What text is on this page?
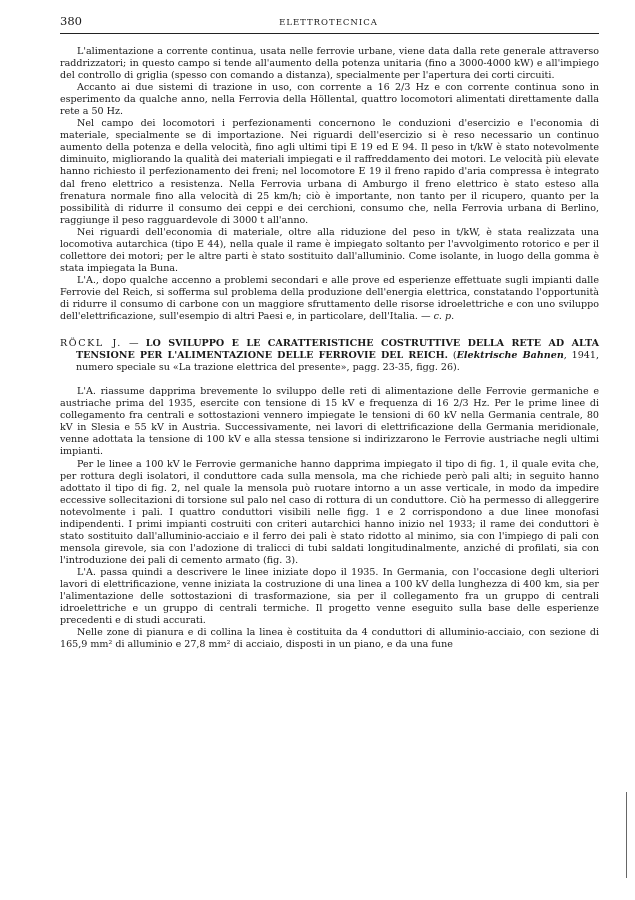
380	ELETTROTECNICA

L'alimentazione a corrente continua, usata nelle ferrovie urbane, viene data dalla rete generale attraverso raddrizzatori; in questo campo si tende all'aumento della potenza unitaria (fino a 3000-4000 kW) e all'impiego del controllo di griglia (spesso con comando a distanza), specialmente per l'apertura dei corti circuiti.

Accanto ai due sistemi di trazione in uso, con corrente a 16 2/3 Hz e con corrente continua sono in esperimento da qualche anno, nella Ferrovia della Höllental, quattro locomotori alimentati direttamente dalla rete a 50 Hz.

Nel campo dei locomotori i perfezionamenti concernono le conduzioni d'esercizio e l'economia di materiale, specialmente se di importazione. Nei riguardi dell'esercizio si è reso necessario un continuo aumento della potenza e della velocità, fino agli ultimi tipi E 19 ed E 94. Il peso in t/kW è stato notevolmente diminuito, migliorando la qualità dei materiali impiegati e il raffreddamento dei motori. Le velocità più elevate hanno richiesto il perfezionamento dei freni; nel locomotore E 19 il freno rapido d'aria compressa è integrato dal freno elettrico a resistenza. Nella Ferrovia urbana di Amburgo il freno elettrico è stato esteso alla frenatura normale fino alla velocità di 25 km/h; ciò è importante, non tanto per il ricupero, quanto per la possibilità di ridurre il consumo dei ceppi e dei cerchioni, consumo che, nella Ferrovia urbana di Berlino, raggiunge il peso ragguardevole di 3000 t all'anno.

Nei riguardi dell'economia di materiale, oltre alla riduzione del peso in t/kW, è stata realizzata una locomotiva autarchica (tipo E 44), nella quale il rame è impiegato soltanto per l'avvolgimento rotorico e per il collettore dei motori; per le altre parti è stato sostituito dall'alluminio. Come isolante, in luogo della gomma è stata impiegata la Buna.

L'A., dopo qualche accenno a problemi secondari e alle prove ed esperienze effettuate sugli impianti dalle Ferrovie del Reich, si sofferma sul problema della produzione dell'energia elettrica, constatando l'opportunità di ridurre il consumo di carbone con un maggiore sfruttamento delle risorse idroelettriche e con uno sviluppo dell'elettrificazione, sull'esempio di altri Paesi e, in particolare, dell'Italia. — c. p.

RÖCKL J. — LO SVILUPPO E LE CARATTERISTICHE COSTRUTTIVE DELLA RETE AD ALTA TENSIONE PER L'ALIMENTAZIONE DELLE FERROVIE DEL REICH. (Elektrische Bahnen, 1941, numero speciale su «La trazione elettrica del presente», pagg. 23-35, figg. 26).

L'A. riassume dapprima brevemente lo sviluppo delle reti di alimentazione delle Ferrovie germaniche e austriache prima del 1935, esercite con tensione di 15 kV e frequenza di 16 2/3 Hz. Per le prime linee di collegamento fra centrali e sottostazioni vennero impiegate le tensioni di 60 kV nella Germania centrale, 80 kV in Slesia e 55 kV in Austria. Successivamente, nei lavori di elettrificazione della Germania meridionale, venne adottata la tensione di 100 kV e alla stessa tensione si indirizzarono le Ferrovie austriache negli ultimi impianti.

Per le linee a 100 kV le Ferrovie germaniche hanno dapprima impiegato il tipo di fig. 1, il quale evita che, per rottura degli isolatori, il conduttore cada sulla mensola, ma che richiede però pali alti; in seguito hanno adottato il tipo di fig. 2, nel quale la mensola può ruotare intorno a un asse verticale, in modo da impedire eccessive sollecitazioni di torsione sul palo nel caso di rottura di un conduttore. Ciò ha permesso di alleggerire notevolmente i pali. I quattro conduttori visibili nelle figg. 1 e 2 corrispondono a due linee monofasi indipendenti. I primi impianti costruiti con criteri autarchici hanno inizio nel 1933; il rame dei conduttori è stato sostituito dall'alluminio-acciaio e il ferro dei pali è stato ridotto al minimo, sia con l'impiego di pali con mensola girevole, sia con l'adozione di tralicci di tubi saldati longitudinalmente, anziché di profilati, sia con l'introduzione dei pali di cemento armato (fig. 3).

L'A. passa quindi a descrivere le linee iniziate dopo il 1935. In Germania, con l'occasione degli ulteriori lavori di elettrificazione, venne iniziata la costruzione di una linea a 100 kV della lunghezza di 400 km, sia per l'alimentazione delle sottostazioni di trasformazione, sia per il collegamento fra un gruppo di centrali idroelettriche e un gruppo di centrali termiche. Il progetto venne eseguito sulla base delle esperienze precedenti e di studi accurati.

Nelle zone di pianura e di collina la linea è costituita da 4 conduttori di alluminio-acciaio, con sezione di 165,9 mm² di alluminio e 27,8 mm² di acciaio, disposti in un piano, e da una fune
